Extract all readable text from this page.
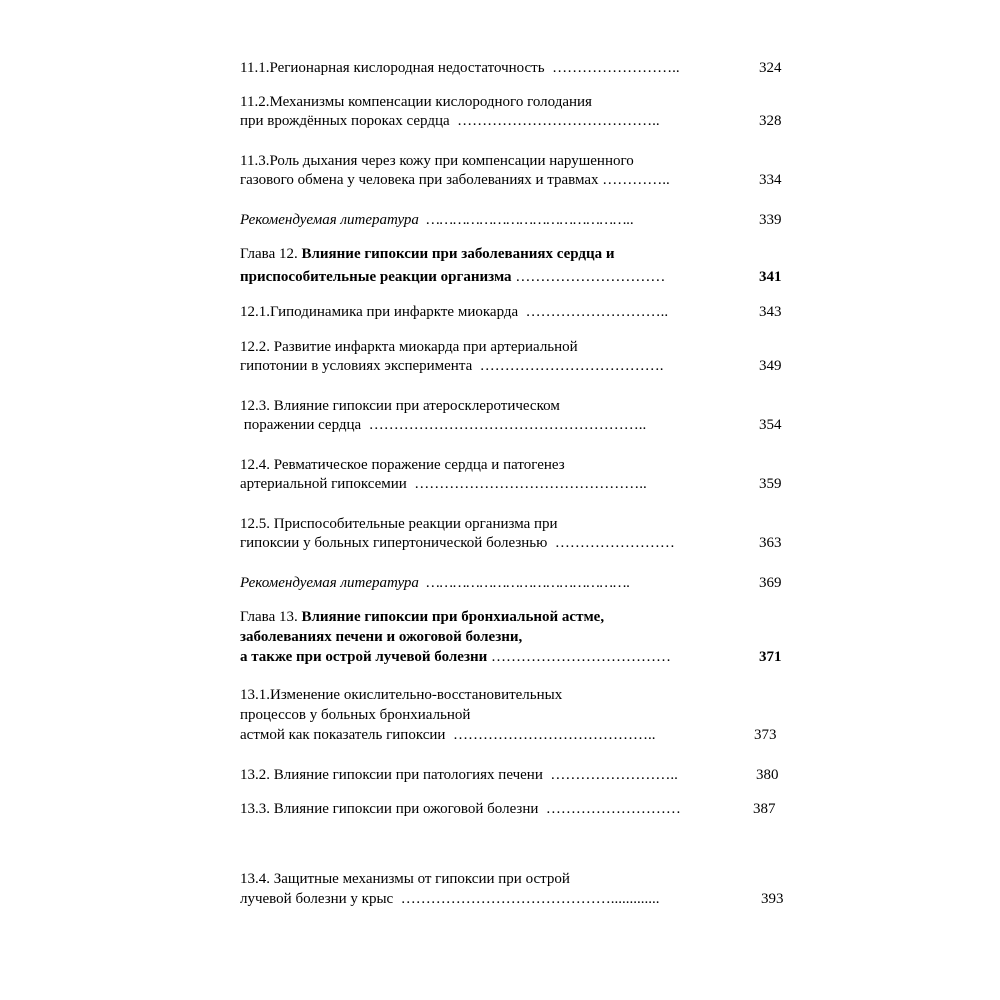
11.1.Регионарная кислородная недостаточность  ……………………..	324
11.2.Механизмы компенсации кислородного голодания
при врождённых пороках сердца  …………………………………..	328
11.3.Роль дыхания через кожу при компенсации нарушенного
газового обмена у человека при заболеваниях и травмах …………..	334
Рекомендуемая литература  ………………………………………..	339
Глава 12. Влияние гипоксии при заболеваниях сердца и
приспособительные реакции организма …………………………	341
12.1.Гиподинамика при инфаркте миокарда  ………………………..	343
12.2. Развитие инфаркта миокарда при артериальной
гипотонии в условиях эксперимента  ……………………………….	349
12.3. Влияние гипоксии при атеросклеротическом
поражении сердца  ………………………………………………..	354
12.4. Ревматическое поражение сердца и патогенез
артериальной гипоксемии  ………………………………………..	359
12.5. Приспособительные реакции организма при
гипоксии у больных гипертонической болезнью  ……………………	363
Рекомендуемая литература  ……………………………………….	369
Глава 13. Влияние гипоксии при бронхиальной астме,
заболеваниях печени и ожоговой болезни,
а также при острой лучевой болезни ………………………………	371
13.1.Изменение окислительно-восстановительных
процессов у больных бронхиальной
астмой как показатель гипоксии  …………………………………..	373
13.2. Влияние гипоксии при патологиях печени  ……………………..	380
13.3. Влияние гипоксии при ожоговой болезни  ………………………	387
13.4. Защитные механизмы от гипоксии при острой
лучевой болезни у крыс  …………………………………….............	393
